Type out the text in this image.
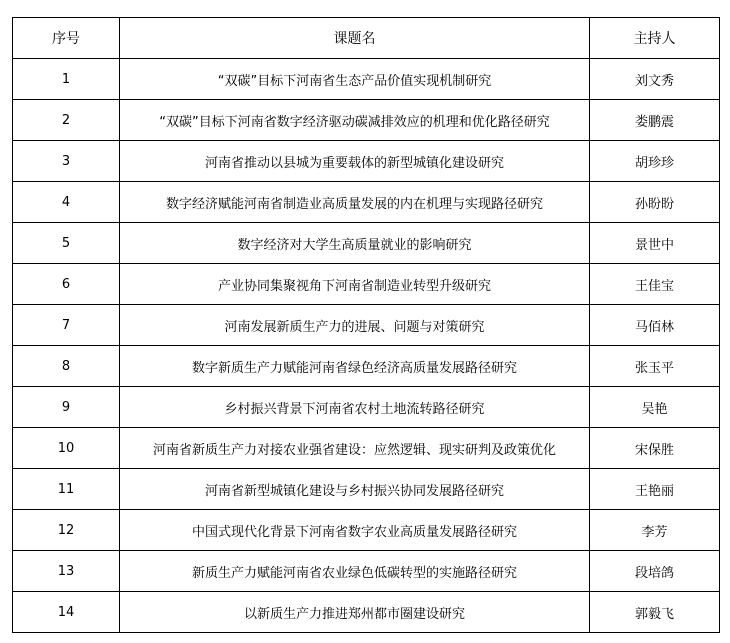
序号	课题名	主持人
1	“双碳”目标下河南省生态产品价值实现机制研究	刘文秀
2	“双碳”目标下河南省数字经济驱动碳减排效应的机理和优化路径研究	娄鹏震
3	河南省推动以县城为重要载体的新型城镇化建设研究	胡珍珍
4	数字经济赋能河南省制造业高质量发展的内在机理与实现路径研究	孙盼盼
5	数字经济对大学生高质量就业的影响研究	景世中
6	产业协同集聚视角下河南省制造业转型升级研究	王佳宝
7	河南发展新质生产力的进展、问题与对策研究	马佰林
8	数字新质生产力赋能河南省绿色经济高质量发展路径研究	张玉平
9	乡村振兴背景下河南省农村土地流转路径研究	吴艳
10	河南省新质生产力对接农业强省建设：应然逻辑、现实研判及政策优化	宋保胜
11	河南省新型城镇化建设与乡村振兴协同发展路径研究	王艳丽
12	中国式现代化背景下河南省数字农业高质量发展路径研究	李芳
13	新质生产力赋能河南省农业绿色低碳转型的实施路径研究	段培鸽
14	以新质生产力推进郑州都市圈建设研究	郭毅飞
